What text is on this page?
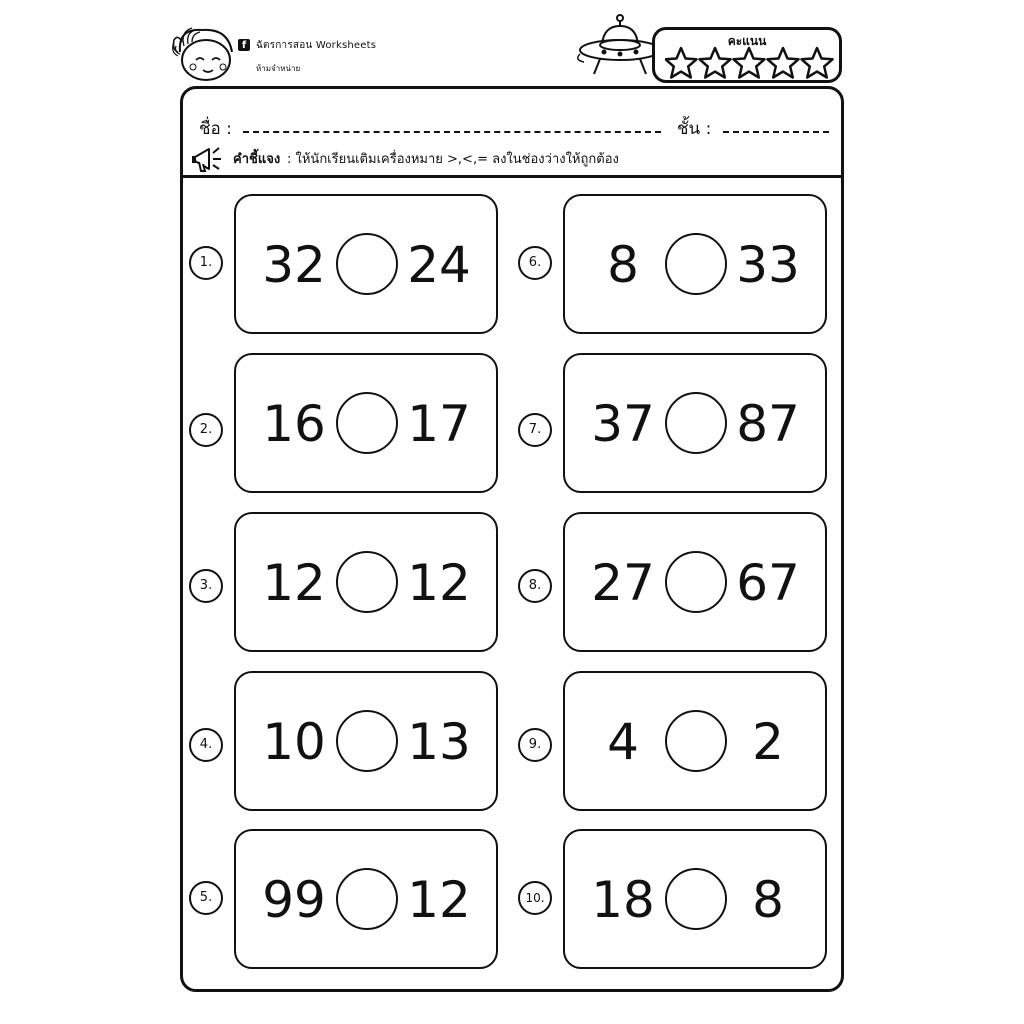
f ฉัตรการสอน Worksheets
ห้ามจำหน่าย
คะแนน
ชื่อ :	ชั้น :
คำชี้แจง : ให้นักเรียนเติมเครื่องหมาย >,<,= ลงในช่องว่างให้ถูกต้อง
1. 32 24
2. 16 17
3. 12 12
4. 10 13
5. 99 12
6.	8	33
7. 37 87
8. 27 67
9.	4	2
10. 18	8
